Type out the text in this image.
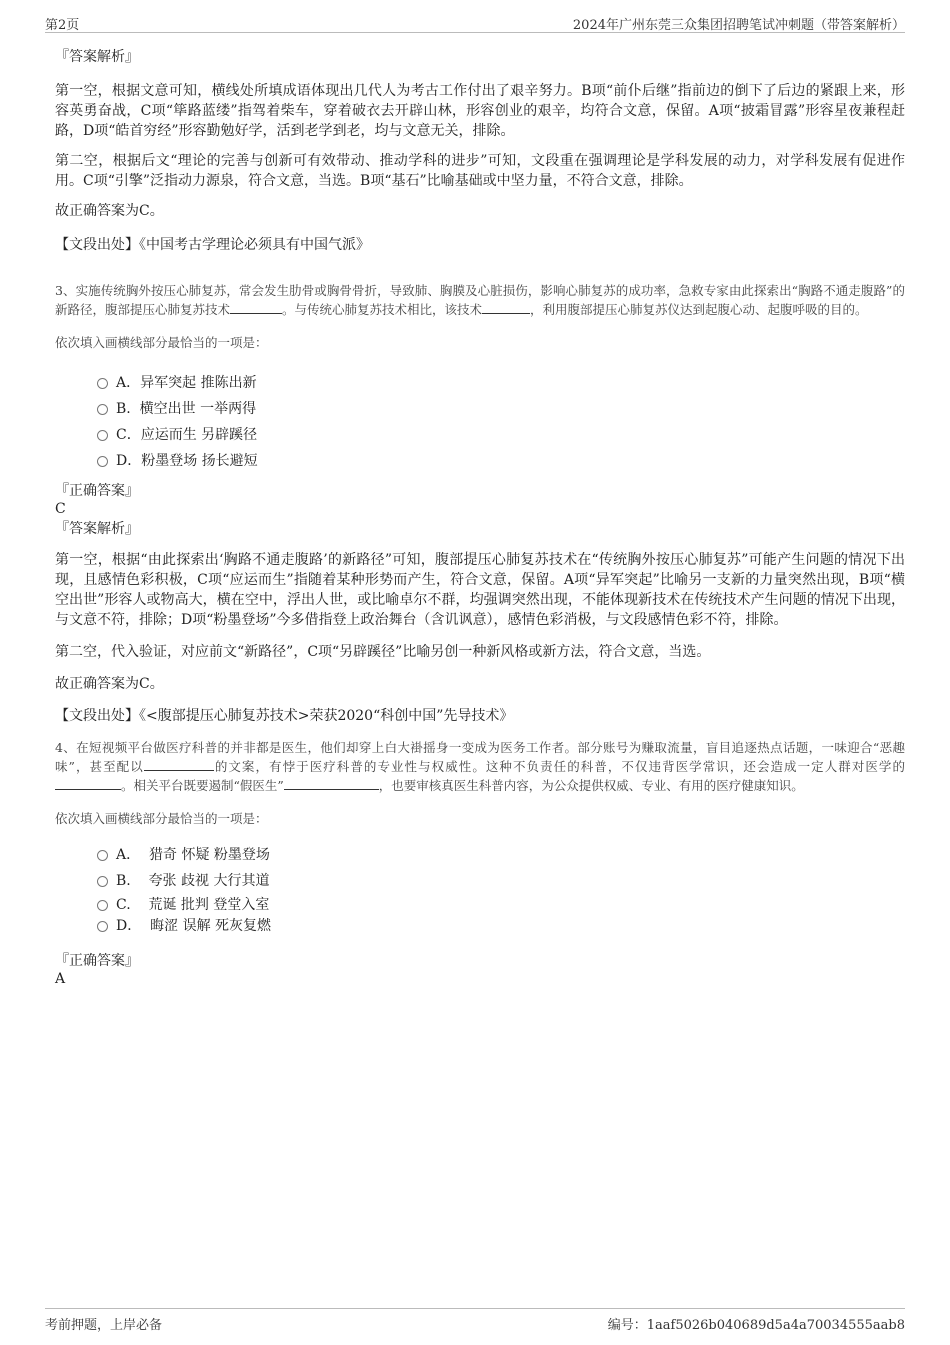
第2页	2024年广州东莞三众集团招聘笔试冲刺题（带答案解析）

『答案解析』

第一空，根据文意可知，横线处所填成语体现出几代人为考古工作付出了艰辛努力。B项“前仆后继”指前边的倒下了后边的紧跟上来，形容英勇奋战，C项“筚路蓝缕”指驾着柴车，穿着破衣去开辟山林，形容创业的艰辛，均符合文意，保留。A项“披霜冒露”形容星夜兼程赶路，D项“皓首穷经”形容勤勉好学，活到老学到老，均与文意无关，排除。

第二空，根据后文“理论的完善与创新可有效带动、推动学科的进步”可知，文段重在强调理论是学科发展的动力，对学科发展有促进作用。C项“引擎”泛指动力源泉，符合文意，当选。B项“基石”比喻基础或中坚力量，不符合文意，排除。

故正确答案为C。

【文段出处】《中国考古学理论必须具有中国气派》

3、实施传统胸外按压心肺复苏，常会发生肋骨或胸骨骨折，导致肺、胸膜及心脏损伤，影响心肺复苏的成功率，急救专家由此探索出“胸路不通走腹路”的新路径，腹部提压心肺复苏技术	。与传统心肺复苏技术相比，该技术	，利用腹部提压心肺复苏仪达到起腹心动、起腹呼吸的目的。

依次填入画横线部分最恰当的一项是：

A．异军突起 推陈出新
B. 横空出世 一举两得
C．应运而生 另辟蹊径
D．粉墨登场 扬长避短

『正确答案』

C

『答案解析』

第一空，根据“由此探索出‘胸路不通走腹路’的新路径”可知，腹部提压心肺复苏技术在“传统胸外按压心肺复苏”可能产生问题的情况下出现，且感情色彩积极，C项“应运而生”指随着某种形势而产生，符合文意，保留。A项“异军突起”比喻另一支新的力量突然出现，B项“横空出世”形容人或物高大，横在空中，浮出人世，或比喻卓尔不群，均强调突然出现，不能体现新技术在传统技术产生问题的情况下出现，与文意不符，排除；D项“粉墨登场”今多借指登上政治舞台（含讥讽意），感情色彩消极，与文段感情色彩不符，排除。

第二空，代入验证，对应前文“新路径”，C项“另辟蹊径”比喻另创一种新风格或新方法，符合文意，当选。

故正确答案为C。

【文段出处】《<腹部提压心肺复苏技术>荣获2020“科创中国”先导技术》

4、在短视频平台做医疗科普的并非都是医生，他们却穿上白大褂摇身一变成为医务工作者。部分账号为赚取流量，盲目追逐热点话题，一味迎合“恶趣味”，甚至配以	的文案，有悖于医疗科普的专业性与权威性。这种不负责任的科普，不仅违背医学常识，还会造成一定人群对医学的。相关平台既要遏制“假医生”	，也要审核真医生科普内容，为公众提供权威、专业、有用的医疗健康知识。

依次填入画横线部分最恰当的一项是：

A． 猎奇 怀疑 粉墨登场
B. 夸张 歧视 大行其道
C. 荒诞 批判 登堂入室
D． 晦涩 误解 死灰复燃

『正确答案』

A

考前押题，上岸必备	编号：1aaf5026b040689d5a4a70034555aab8
